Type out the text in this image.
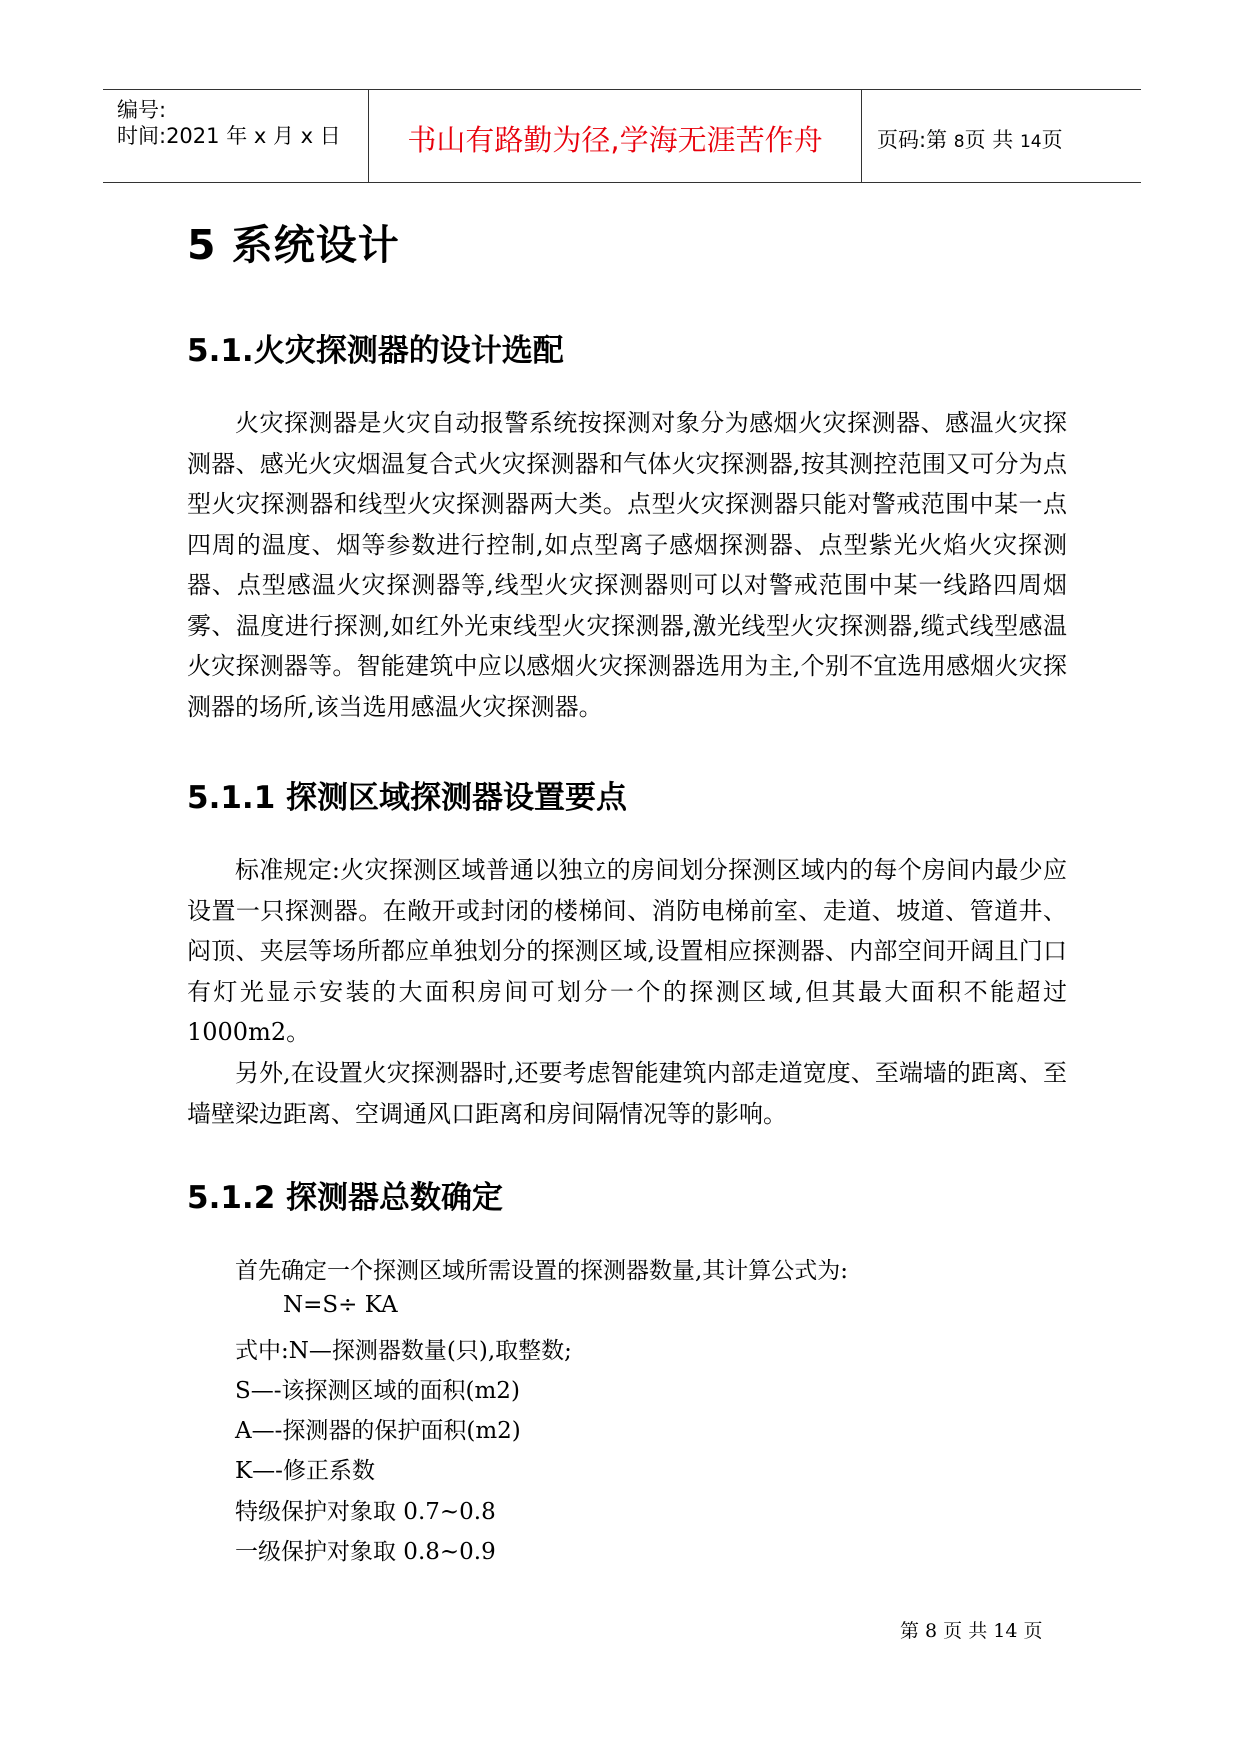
编号:
时间:2021 年 x 月 x 日	书山有路勤为径,学海无涯苦作舟	页码:第 8页 共 14页
5 系统设计
5.1.火灾探测器的设计选配

火灾探测器是火灾自动报警系统按探测对象分为感烟火灾探测器、感温火灾探测器、感光火灾烟温复合式火灾探测器和气体火灾探测器,按其测控范围又可分为点型火灾探测器和线型火灾探测器两大类。点型火灾探测器只能对警戒范围中某一点四周的温度、烟等参数进行控制,如点型离子感烟探测器、点型紫光火焰火灾探测器、点型感温火灾探测器等,线型火灾探测器则可以对警戒范围中某一线路四周烟雾、温度进行探测,如红外光束线型火灾探测器,激光线型火灾探测器,缆式线型感温火灾探测器等。智能建筑中应以感烟火灾探测器选用为主,个别不宜选用感烟火灾探测器的场所,该当选用感温火灾探测器。

5.1.1 探测区域探测器设置要点

标准规定:火灾探测区域普通以独立的房间划分探测区域内的每个房间内最少应设置一只探测器。在敞开或封闭的楼梯间、消防电梯前室、走道、坡道、管道井、闷顶、夹层等场所都应单独划分的探测区域,设置相应探测器、内部空间开阔且门口有灯光显示安装的大面积房间可划分一个的探测区域,但其最大面积不能超过 1000m2。

另外,在设置火灾探测器时,还要考虑智能建筑内部走道宽度、至端墙的距离、至墙壁梁边距离、空调通风口距离和房间隔情况等的影响。

5.1.2 探测器总数确定

首先确定一个探测区域所需设置的探测器数量,其计算公式为:

N=S÷ KA

式中:N—探测器数量(只),取整数;

S—-该探测区域的面积(m2)

A—-探测器的保护面积(m2)

K—-修正系数

特级保护对象取 0.7~0.8

一级保护对象取 0.8~0.9

第 8 页 共 14 页
